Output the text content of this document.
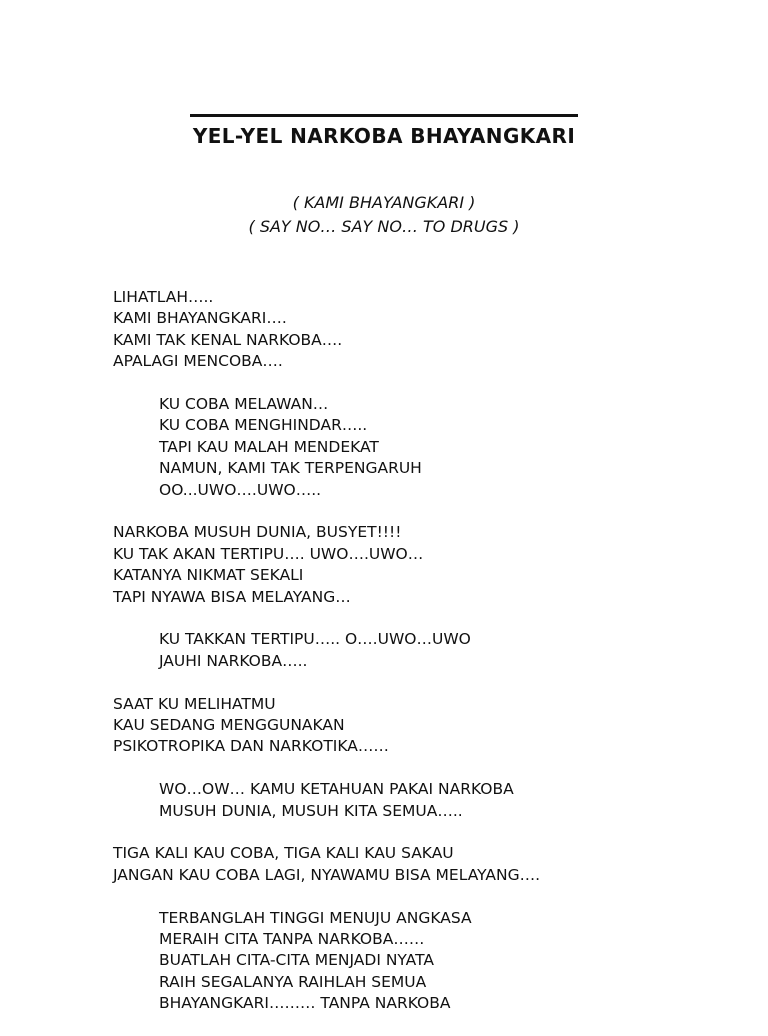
YEL-YEL NARKOBA BHAYANGKARI
( KAMI BHAYANGKARI )
( SAY NO… SAY NO… TO DRUGS )
LIHATLAH…..
KAMI BHAYANGKARI….
KAMI TAK KENAL NARKOBA….
APALAGI MENCOBA….
KU COBA MELAWAN…
KU COBA MENGHINDAR…..
TAPI KAU MALAH MENDEKAT
NAMUN, KAMI TAK TERPENGARUH
OO...UWO….UWO…..
NARKOBA MUSUH DUNIA, BUSYET!!!!
KU TAK AKAN TERTIPU…. UWO….UWO…
KATANYA NIKMAT SEKALI
TAPI NYAWA BISA MELAYANG…
KU TAKKAN TERTIPU….. O….UWO…UWO
JAUHI NARKOBA…..
SAAT KU MELIHATMU
KAU SEDANG MENGGUNAKAN
PSIKOTROPIKA DAN NARKOTIKA……
WO…OW… KAMU KETAHUAN PAKAI NARKOBA
MUSUH DUNIA, MUSUH KITA SEMUA…..
TIGA KALI KAU COBA, TIGA KALI KAU SAKAU
JANGAN KAU COBA LAGI, NYAWAMU BISA MELAYANG….
TERBANGLAH TINGGI MENUJU ANGKASA
MERAIH CITA TANPA NARKOBA……
BUATLAH CITA-CITA MENJADI NYATA
RAIH SEGALANYA RAIHLAH SEMUA
BHAYANGKARI……… TANPA NARKOBA
